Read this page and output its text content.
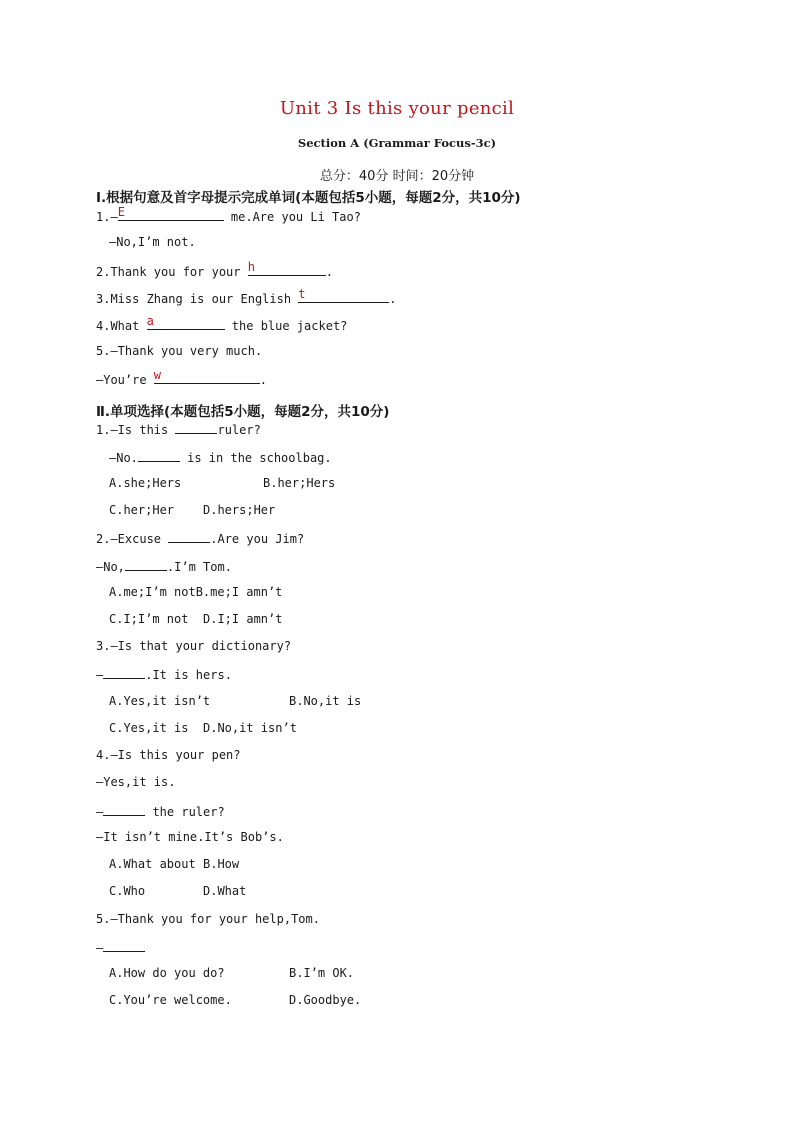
Unit 3 Is this your pencil
Section A (Grammar Focus-3c)
总分：40分 时间：20分钟
Ⅰ.根据句意及首字母提示完成单词(本题包括5小题，每题2分，共10分)
1.— E	me.Are you Li Tao?
—No,I’m not.
2.Thank you for your h	.
3.Miss Zhang is our English t	.
4.What a	the blue jacket?
5.—Thank you very much.
—You’re w	.
Ⅱ.单项选择(本题包括5小题，每题2分，共10分)
1.—Is this	ruler?
—No.	is in the schoolbag.
A.she;Hers	B.her;Hers
C.her;Her D.hers;Her
2.—Excuse	.Are you Jim?
—No,	.I’m Tom.
A.me;I’m notB.me;I amn’t
C.I;I’m not D.I;I amn’t
3.—Is that your dictionary?
—	.It is hers.
A.Yes,it isn’t	B.No,it is
C.Yes,it is D.No,it isn’t
4.—Is this your pen?
—Yes,it is.
—	the ruler?
—It isn’t mine.It’s Bob’s.
A.What about B.How
C.Who	D.What
5.—Thank you for your help,Tom.
—
A.How do you do?	B.I’m OK.
C.You’re welcome.	D.Goodbye.
